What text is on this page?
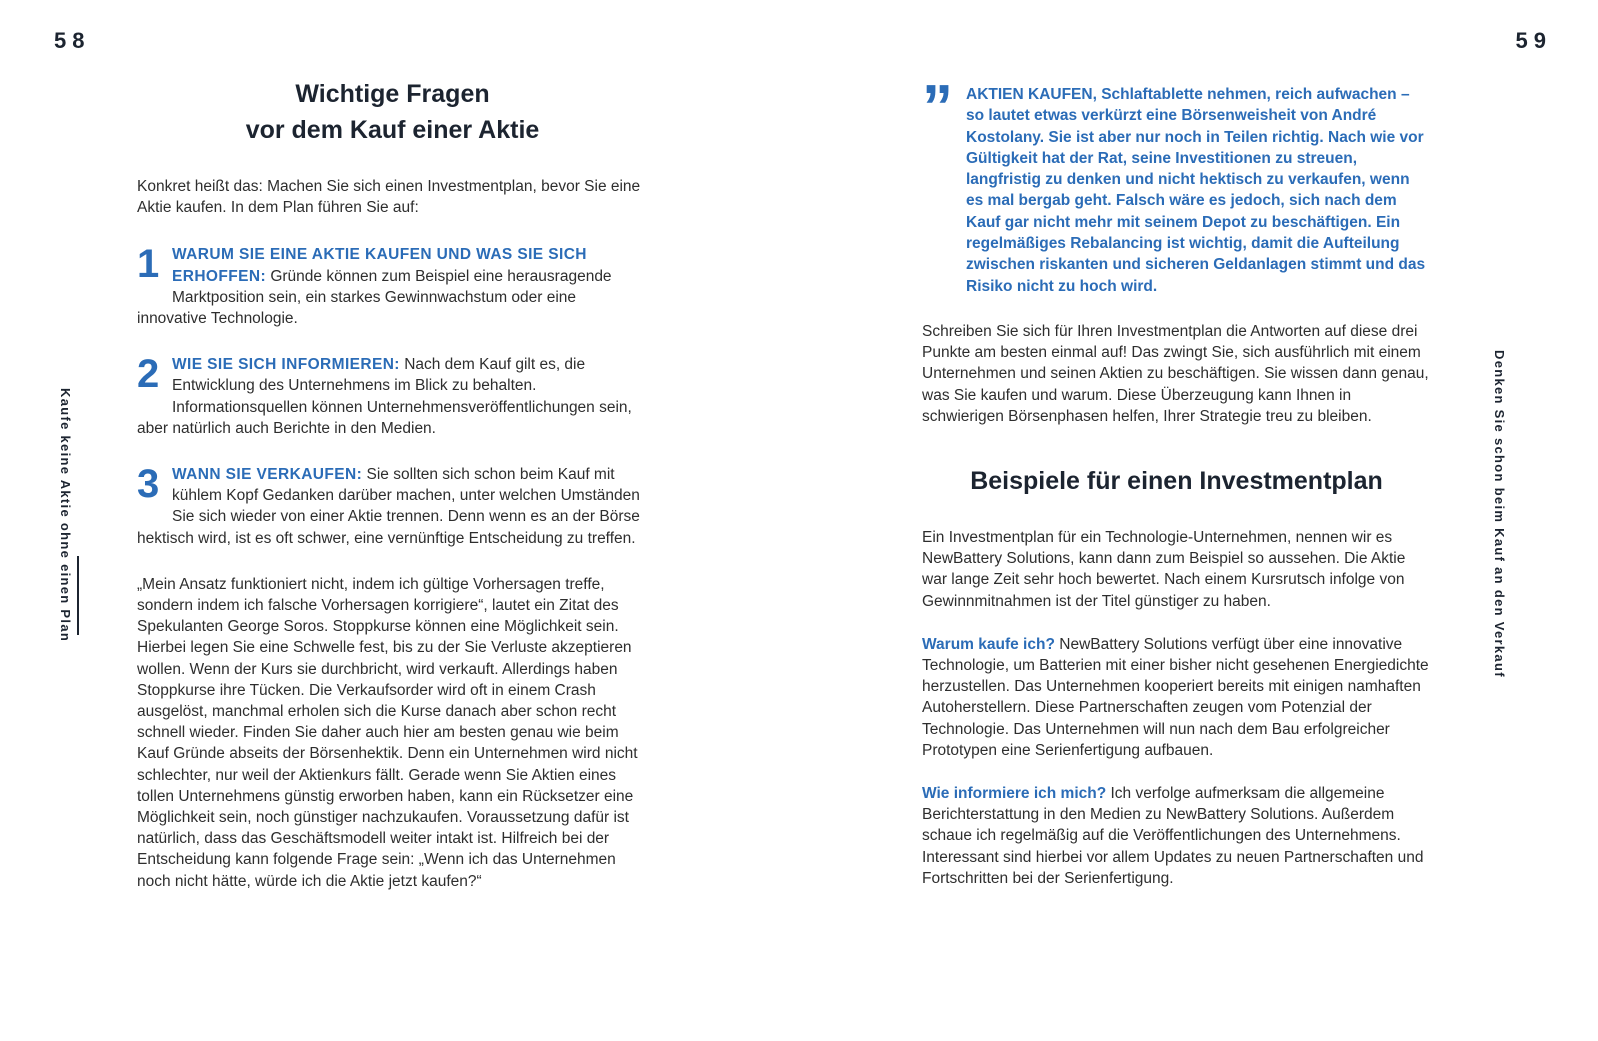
58	59
Kaufe keine Aktie ohne einen Plan	Denken Sie schon beim Kauf an den Verkauf
Wichtige Fragen
vor dem Kauf einer Aktie

Konkret heißt das: Machen Sie sich einen Investmentplan, bevor Sie eine Aktie kaufen. In dem Plan führen Sie auf:

1 WARUM SIE EINE AKTIE KAUFEN UND WAS SIE SICH ERHOFFEN: Gründe können zum Beispiel eine herausragende Marktposition sein, ein starkes Gewinnwachstum oder eine innovative Technologie.
2 WIE SIE SICH INFORMIEREN: Nach dem Kauf gilt es, die Entwicklung des Unternehmens im Blick zu behalten. Informationsquellen können Unternehmensveröffentlichungen sein, aber natürlich auch Berichte in den Medien.
3 WANN SIE VERKAUFEN: Sie sollten sich schon beim Kauf mit kühlem Kopf Gedanken darüber machen, unter welchen Umständen Sie sich wieder von einer Aktie trennen. Denn wenn es an der Börse hektisch wird, ist es oft schwer, eine vernünftige Entscheidung zu treffen.

„Mein Ansatz funktioniert nicht, indem ich gültige Vorhersagen treffe, sondern indem ich falsche Vorhersagen korrigiere“, lautet ein Zitat des Spekulanten George Soros. Stoppkurse können eine Möglichkeit sein. Hierbei legen Sie eine Schwelle fest, bis zu der Sie Verluste akzeptieren wollen. Wenn der Kurs sie durchbricht, wird verkauft. Allerdings haben Stoppkurse ihre Tücken. Die Verkaufsorder wird oft in einem Crash ausgelöst, manchmal erholen sich die Kurse danach aber schon recht schnell wieder. Finden Sie daher auch hier am besten genau wie beim Kauf Gründe abseits der Börsenhektik. Denn ein Unternehmen wird nicht schlechter, nur weil der Aktienkurs fällt. Gerade wenn Sie Aktien eines tollen Unternehmens günstig erworben haben, kann ein Rücksetzer eine Möglichkeit sein, noch günstiger nachzukaufen. Voraussetzung dafür ist natürlich, dass das Geschäftsmodell weiter intakt ist. Hilfreich bei der Entscheidung kann folgende Frage sein: „Wenn ich das Unternehmen noch nicht hätte, würde ich die Aktie jetzt kaufen?“

” AKTIEN KAUFEN, Schlaftablette nehmen, reich aufwachen – so lautet etwas verkürzt eine Börsenweisheit von André Kostolany. Sie ist aber nur noch in Teilen richtig. Nach wie vor Gültigkeit hat der Rat, seine Investitionen zu streuen, langfristig zu denken und nicht hektisch zu verkaufen, wenn es mal bergab geht. Falsch wäre es jedoch, sich nach dem Kauf gar nicht mehr mit seinem Depot zu beschäftigen. Ein regelmäßiges Rebalancing ist wichtig, damit die Aufteilung zwischen riskanten und sicheren Geldanlagen stimmt und das Risiko nicht zu hoch wird.

Schreiben Sie sich für Ihren Investmentplan die Antworten auf diese drei Punkte am besten einmal auf! Das zwingt Sie, sich ausführlich mit einem Unternehmen und seinen Aktien zu beschäftigen. Sie wissen dann genau, was Sie kaufen und warum. Diese Überzeugung kann Ihnen in schwierigen Börsenphasen helfen, Ihrer Strategie treu zu bleiben.

Beispiele für einen Investmentplan

Ein Investmentplan für ein Technologie-Unternehmen, nennen wir es NewBattery Solutions, kann dann zum Beispiel so aussehen. Die Aktie war lange Zeit sehr hoch bewertet. Nach einem Kursrutsch infolge von Gewinnmitnahmen ist der Titel günstiger zu haben.

Warum kaufe ich? NewBattery Solutions verfügt über eine innovative Technologie, um Batterien mit einer bisher nicht gesehenen Energiedichte herzustellen. Das Unternehmen kooperiert bereits mit einigen namhaften Autoherstellern. Diese Partnerschaften zeugen vom Potenzial der Technologie. Das Unternehmen will nun nach dem Bau erfolgreicher Prototypen eine Serienfertigung aufbauen.

Wie informiere ich mich? Ich verfolge aufmerksam die allgemeine Berichterstattung in den Medien zu NewBattery Solutions. Außerdem schaue ich regelmäßig auf die Veröffentlichungen des Unternehmens. Interessant sind hierbei vor allem Updates zu neuen Partnerschaften und Fortschritten bei der Serienfertigung.
